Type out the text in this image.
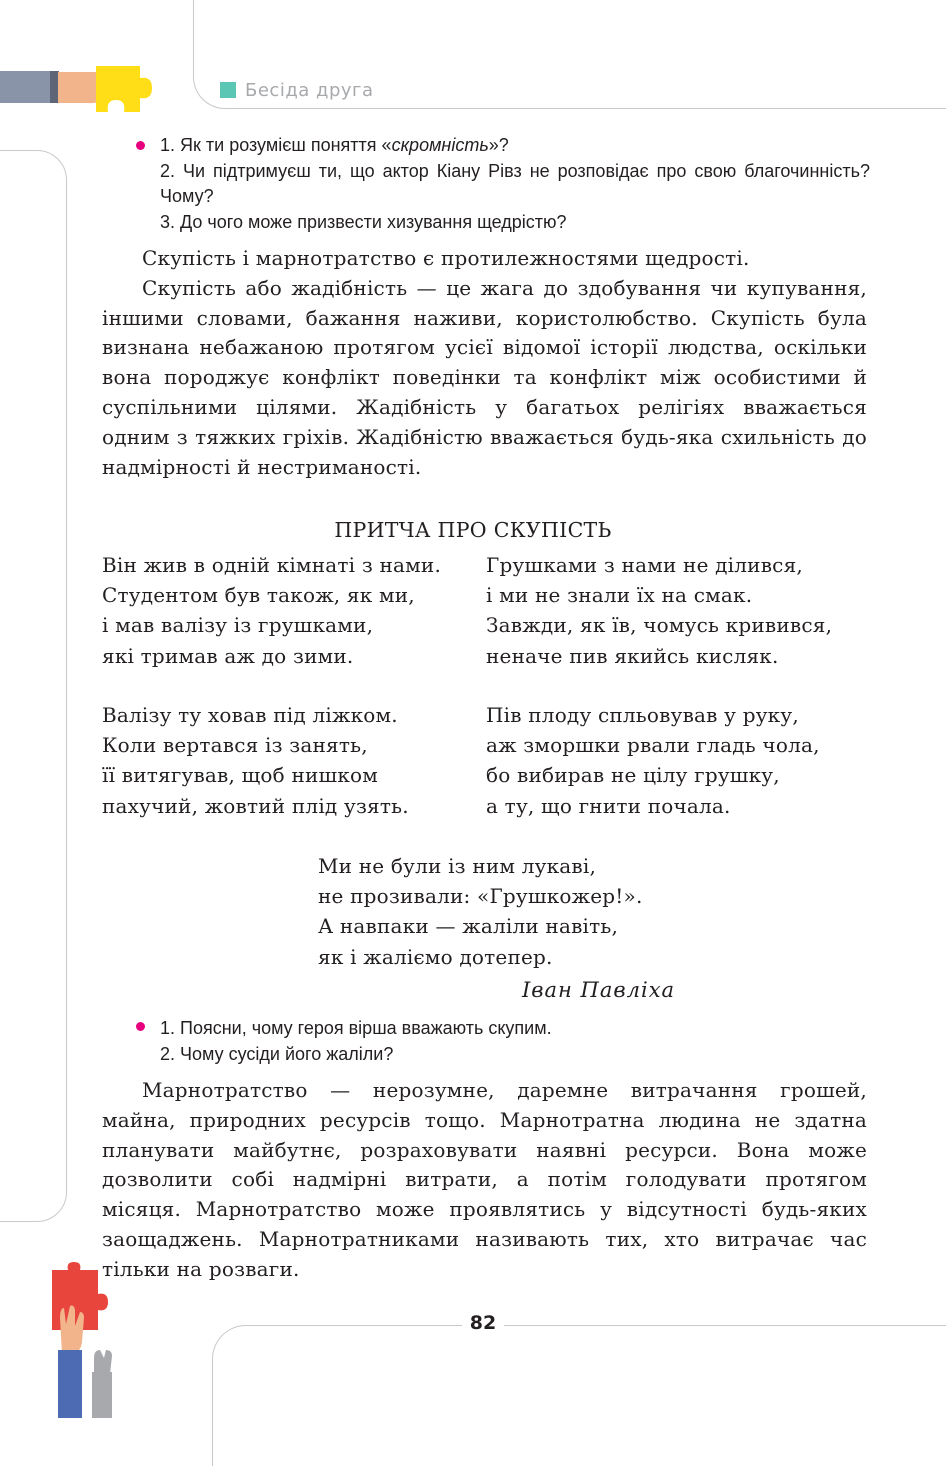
Бесіда друга

1. Як ти розумієш поняття «скромність»?

2. Чи підтримуєш ти, що актор Кіану Рівз не розповідає про свою благочинність? Чому?

3. До чого може призвести хизування щедрістю?

Скупість і марнотратство є протилежностями щедрості.

Скупість або жадібність — це жага до здобування чи купування, іншими словами, бажання наживи, користолюбство. Скупість була визнана небажаною протягом усієї відомої історії людства, оскільки вона породжує конфлікт поведінки та конфлікт між особистими й суспільними цілями. Жадібність у багатьох релігіях вважається одним з тяжких гріхів. Жадібністю вважається будь-яка схильність до надмірності й нестриманості.

ПРИТЧА ПРО СКУПІСТЬ
Він жив в одній кімнаті з нами.
Студентом був також, як ми,
і мав валізу із грушками,
які тримав аж до зими.
Валізу ту ховав під ліжком.
Коли вертався із занять,
її витягував, щоб нишком
пахучий, жовтий плід узять.
Грушками з нами не ділився,
і ми не знали їх на смак.
Завжди, як їв, чомусь кривився,
неначе пив якийсь кисляк.
Пів плоду спльовував у руку,
аж зморшки рвали гладь чола,
бо вибирав не цілу грушку,
а ту, що гнити почала.
Ми не були із ним лукаві,
не прозивали: «Грушкожер!».
А навпаки — жаліли навіть,
як і жаліємо дотепер.
Іван Павліха

1. Поясни, чому героя вірша вважають скупим.

2. Чому сусіди його жаліли?

Марнотратство — нерозумне, даремне витрачання грошей, майна, природних ресурсів тощо. Марнотратна людина не здатна планувати майбутнє, розраховувати наявні ресурси. Вона може дозволити собі надмірні витрати, а потім голодувати протягом місяця. Марнотратство може проявлятись у відсутності будь-яких заощаджень. Марнотратниками називають тих, хто витрачає час тільки на розваги.

82
